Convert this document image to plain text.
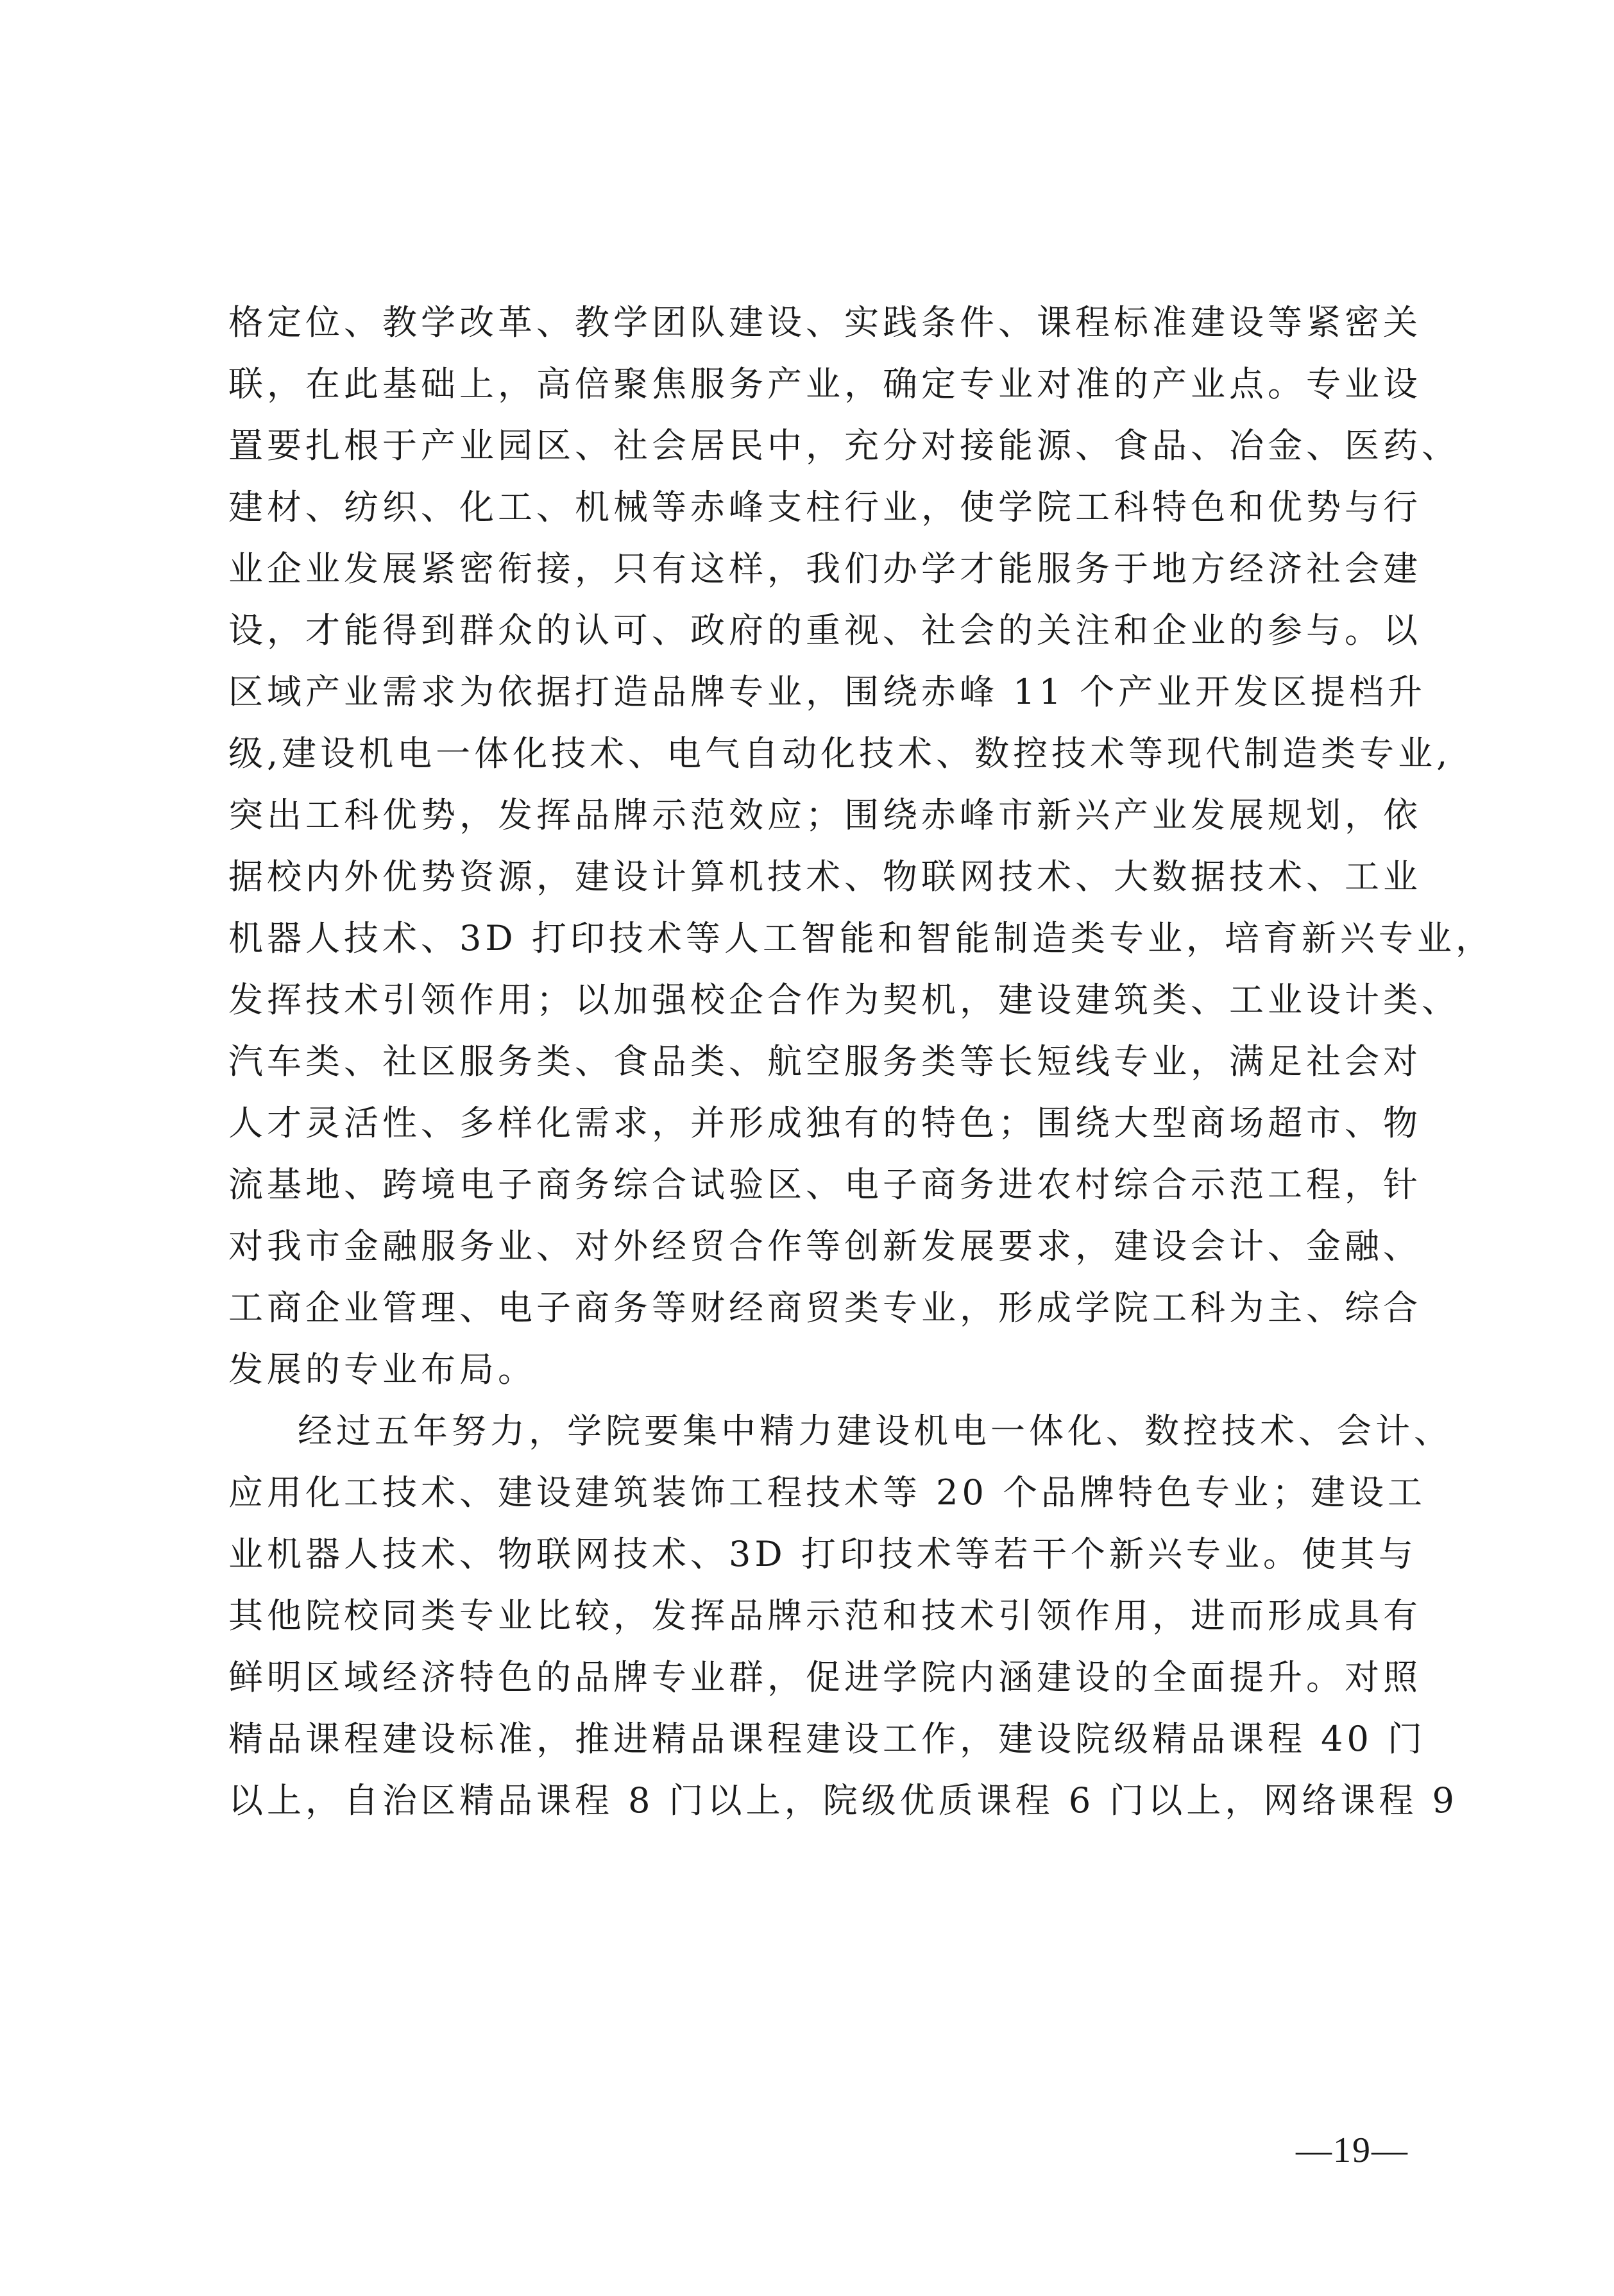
格定位、教学改革、教学团队建设、实践条件、课程标准建设等紧密关
联，在此基础上，高倍聚焦服务产业，确定专业对准的产业点。专业设
置要扎根于产业园区、社会居民中，充分对接能源、食品、冶金、医药、
建材、纺织、化工、机械等赤峰支柱行业，使学院工科特色和优势与行
业企业发展紧密衔接，只有这样，我们办学才能服务于地方经济社会建
设，才能得到群众的认可、政府的重视、社会的关注和企业的参与。以
区域产业需求为依据打造品牌专业，围绕赤峰 11 个产业开发区提档升
级,建设机电一体化技术、电气自动化技术、数控技术等现代制造类专业,
突出工科优势，发挥品牌示范效应；围绕赤峰市新兴产业发展规划，依
据校内外优势资源，建设计算机技术、物联网技术、大数据技术、工业
机器人技术、3D 打印技术等人工智能和智能制造类专业，培育新兴专业，
发挥技术引领作用；以加强校企合作为契机，建设建筑类、工业设计类、
汽车类、社区服务类、食品类、航空服务类等长短线专业，满足社会对
人才灵活性、多样化需求，并形成独有的特色；围绕大型商场超市、物
流基地、跨境电子商务综合试验区、电子商务进农村综合示范工程，针
对我市金融服务业、对外经贸合作等创新发展要求，建设会计、金融、
工商企业管理、电子商务等财经商贸类专业，形成学院工科为主、综合
发展的专业布局。
经过五年努力，学院要集中精力建设机电一体化、数控技术、会计、
应用化工技术、建设建筑装饰工程技术等 20 个品牌特色专业；建设工
业机器人技术、物联网技术、3D 打印技术等若干个新兴专业。使其与
其他院校同类专业比较，发挥品牌示范和技术引领作用，进而形成具有
鲜明区域经济特色的品牌专业群，促进学院内涵建设的全面提升。对照
精品课程建设标准，推进精品课程建设工作，建设院级精品课程 40 门
以上，自治区精品课程 8 门以上，院级优质课程 6 门以上，网络课程 9
—19—
